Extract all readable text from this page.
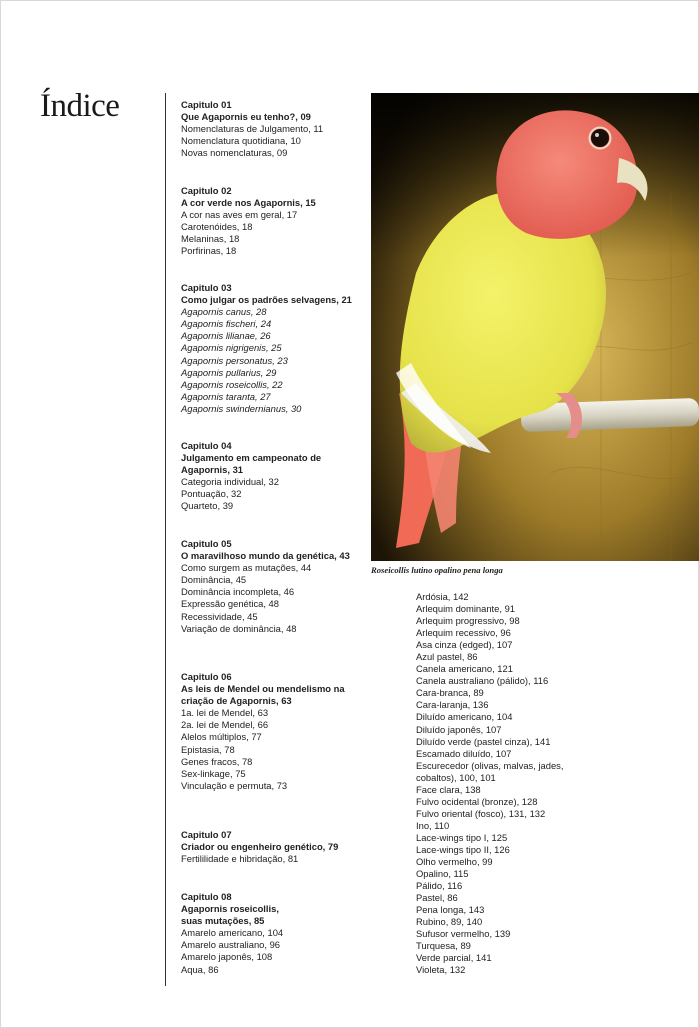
Índice	Capitulo 01
Que Agapornis eu tenho?, 09
Nomenclaturas de Julgamento, 11
Nomenclatura quotidiana, 10
Novas nomenclaturas, 09
Capitulo 02
A cor verde nos Agapornis, 15
A cor nas aves em geral, 17
Carotenóides, 18
Melaninas, 18
Porfirinas, 18
Capitulo 03
Como julgar os padrões selvagens, 21
Agapornis canus, 28
Agapornis fischeri, 24
Agapornis lilianae, 26
Agapornis nigrigenis, 25
Agapornis personatus, 23
Agapornis pullarius, 29
Agapornis roseicollis, 22
Agapornis taranta, 27
Agapornis swindernianus, 30
Capitulo 04
Julgamento em campeonato de
Agapornis, 31
Categoria individual, 32
Pontuação, 32
Quarteto, 39
Capitulo 05
O maravilhoso mundo da genética, 43
Como surgem as mutações, 44
Dominância, 45
Dominância incompleta, 46
Expressão genética, 48
Recessividade, 45
Variação de dominância, 48
Capitulo 06
As leis de Mendel ou mendelismo na
criação de Agapornis, 63
1a. lei de Mendel, 63
2a. lei de Mendel, 66
Alelos múltiplos, 77
Epistasia, 78
Genes fracos, 78
Sex-linkage, 75
Vinculação e permuta, 73
Capitulo 07
Criador ou engenheiro genético, 79
Fertililidade e hibridação, 81
Capitulo 08
Agapornis roseicollis,
suas mutações, 85
Amarelo americano, 104
Amarelo australiano, 96
Amarelo japonês, 108
Aqua, 86
Roseicollis lutino opalino pena longa
Ardósia, 142
Arlequim dominante, 91
Arlequim progressivo, 98
Arlequim recessivo, 96
Asa cinza (edged), 107
Azul pastel, 86
Canela americano, 121
Canela australiano (pálido), 116
Cara-branca, 89
Cara-laranja, 136
Diluído americano, 104
Diluído japonês, 107
Diluído verde (pastel cinza), 141
Escamado diluído, 107
Escurecedor (olivas, malvas, jades,
cobaltos), 100, 101
Face clara, 138
Fulvo ocidental (bronze), 128
Fulvo oriental (fosco), 131, 132
Ino, 110
Lace-wings tipo I, 125
Lace-wings tipo II, 126
Olho vermelho, 99
Opalino, 115
Pálido, 116
Pastel, 86
Pena longa, 143
Rubino, 89, 140
Sufusor vermelho, 139
Turquesa, 89
Verde parcial, 141
Violeta, 132
